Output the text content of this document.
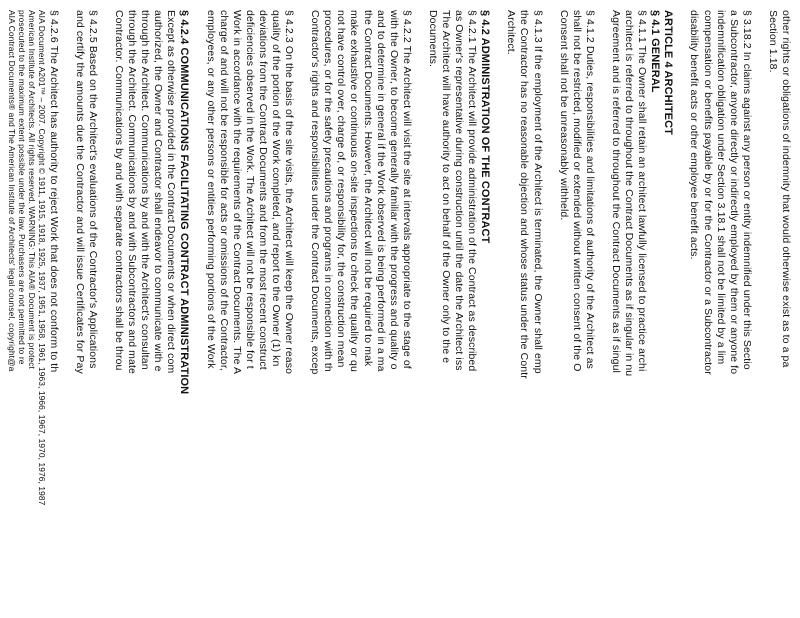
other rights or obligations of indemnity that would otherwise exist as to a pa
Section 1.18.
§ 3.18.2 In claims against any person or entity indemnified under this Sectio
a Subcontractor, anyone directly or indirectly employed by them or anyone fo
indemnification obligation under Section 3.18.1 shall not be limited by a lim
compensation or benefits payable by or for the Contractor or a Subcontractor
disability benefit acts or other employee benefit acts.
ARTICLE 4 ARCHITECT
§ 4.1 GENERAL
§ 4.1.1 The Owner shall retain an architect lawfully licensed to practice archi
architect is referred to throughout the Contract Documents as if singular in nu
Agreement and is referred to throughout the Contract Documents as if singul
§ 4.1.2 Duties, responsibilities and limitations of authority of the Architect as
shall not be restricted, modified or extended without written consent of the O
Consent shall not be unreasonably withheld.
§ 4.1.3 If the employment of the Architect is terminated, the Owner shall emp
the Contractor has no reasonable objection and whose status under the Contr
Architect.
§ 4.2 ADMINISTRATION OF THE CONTRACT
§ 4.2.1 The Architect will provide administration of the Contract as described
as Owner's representative during construction until the date the Architect iss
The Architect will have authority to act on behalf of the Owner only to the e
Documents.
§ 4.2.2 The Architect will visit the site at intervals appropriate to the stage of
with the Owner, to become generally familiar with the progress and quality o
and to determine in general if the Work observed is being performed in a ma
the Contract Documents. However, the Architect will not be required to mak
make exhaustive or continuous on-site inspections to check the quality or qu
not have control over, charge of, or responsibility for, the construction mean
procedures, or for the safety precautions and programs in connection with th
Contractor's rights and responsibilities under the Contract Documents, excep
§ 4.2.3 On the basis of the site visits, the Architect will keep the Owner reaso
quality of the portion of the Work completed, and report to the Owner (1) kn
deviations from the Contract Documents and from the most recent construct
deficiencies observed in the Work. The Architect will not be responsible for t
Work in accordance with the requirements of the Contract Documents. The A
charge of and will not be responsible for acts or omissions of the Contractor,
employees, or any other persons or entities performing portions of the Work
§ 4.2.4 COMMUNICATIONS FACILITATING CONTRACT ADMINISTRATION
Except as otherwise provided in the Contract Documents or when direct com
authorized, the Owner and Contractor shall endeavor to communicate with e
through the Architect. Communications by and with the Architect's consultan
through the Architect. Communications by and with Subcontractors and mate
Contractor. Communications by and with separate contractors shall be throu
§ 4.2.5 Based on the Architect's evaluations of the Contractor's Applications
and certify the amounts due the Contractor and will issue Certificates for Pay
§ 4.2.6 The Architect has authority to reject Work that does not conform to th
AIA Document A201™ – 2007. Copyright © 1911, 1915, 1918, 1925, 1937, 1951, 1958, 1961, 1963, 1966, 1967, 1970, 1976, 1987
American Institute of Architects. All rights reserved. WARNING: This AIA® Document is protect
prosecuted to the maximum extent possible under the law. Purchasers are not permitted to re
AIA Contract Documents® and The American Institute of Architects' legal counsel, copyright@a
